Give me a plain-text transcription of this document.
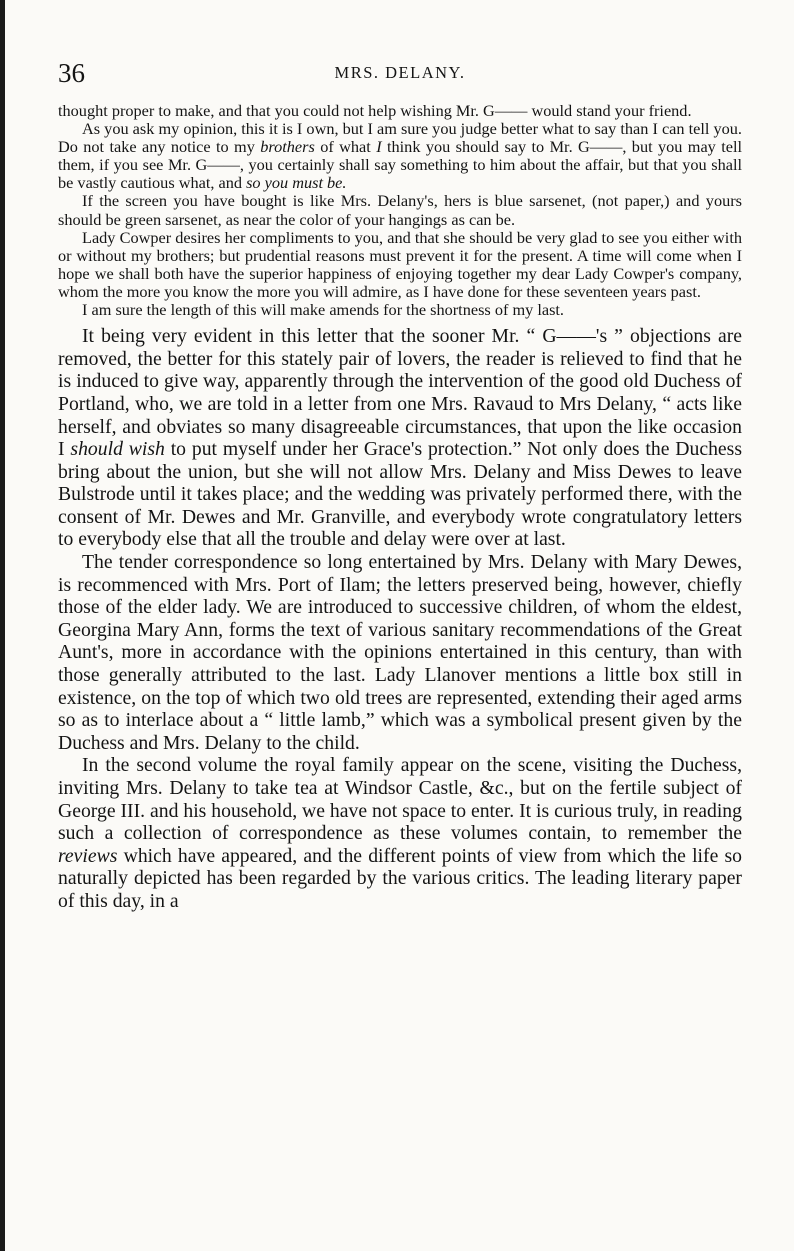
36	MRS. DELANY.

thought proper to make, and that you could not help wishing Mr. G—— would stand your friend.

As you ask my opinion, this it is I own, but I am sure you judge better what to say than I can tell you. Do not take any notice to my brothers of what I think you should say to Mr. G——, but you may tell them, if you see Mr. G——, you certainly shall say something to him about the affair, but that you shall be vastly cautious what, and so you must be.

If the screen you have bought is like Mrs. Delany's, hers is blue sarsenet, (not paper,) and yours should be green sarsenet, as near the color of your hangings as can be.

Lady Cowper desires her compliments to you, and that she should be very glad to see you either with or without my brothers; but prudential reasons must prevent it for the present. A time will come when I hope we shall both have the superior happiness of enjoying together my dear Lady Cowper's company, whom the more you know the more you will admire, as I have done for these seventeen years past.

I am sure the length of this will make amends for the shortness of my last.

It being very evident in this letter that the sooner Mr. “ G——'s ” objections are removed, the better for this stately pair of lovers, the reader is relieved to find that he is induced to give way, apparently through the intervention of the good old Duchess of Portland, who, we are told in a letter from one Mrs. Ravaud to Mrs Delany, “ acts like herself, and obviates so many disagreeable circumstances, that upon the like occasion I should wish to put myself under her Grace's protection.” Not only does the Duchess bring about the union, but she will not allow Mrs. Delany and Miss Dewes to leave Bulstrode until it takes place; and the wedding was privately performed there, with the consent of Mr. Dewes and Mr. Granville, and everybody wrote congratulatory letters to everybody else that all the trouble and delay were over at last.

The tender correspondence so long entertained by Mrs. Delany with Mary Dewes, is recommenced with Mrs. Port of Ilam; the letters preserved being, however, chiefly those of the elder lady. We are introduced to successive children, of whom the eldest, Georgina Mary Ann, forms the text of various sanitary recommendations of the Great Aunt's, more in accordance with the opinions entertained in this century, than with those generally attributed to the last. Lady Llanover mentions a little box still in existence, on the top of which two old trees are represented, extending their aged arms so as to interlace about a “ little lamb,” which was a symbolical present given by the Duchess and Mrs. Delany to the child.

In the second volume the royal family appear on the scene, visiting the Duchess, inviting Mrs. Delany to take tea at Windsor Castle, &c., but on the fertile subject of George III. and his household, we have not space to enter. It is curious truly, in reading such a collection of correspondence as these volumes contain, to remember the reviews which have appeared, and the different points of view from which the life so naturally depicted has been regarded by the various critics. The leading literary paper of this day, in a
